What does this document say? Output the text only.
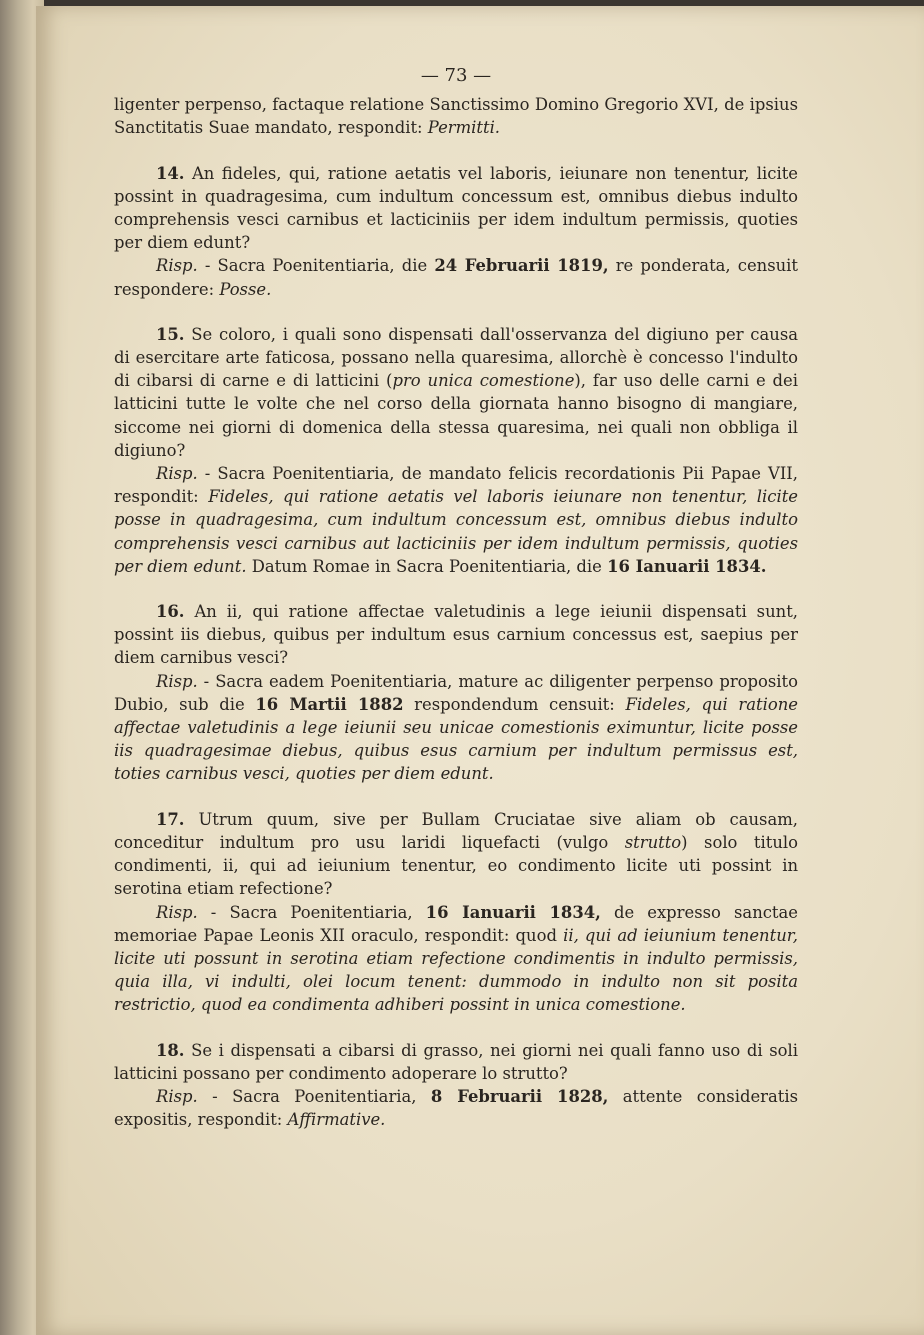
— 73 —

ligenter perpenso, factaque relatione Sanctissimo Domino Gregorio XVI, de ipsius Sanctitatis Suae mandato, respondit: Permitti.

14. An fideles, qui, ratione aetatis vel laboris, ieiunare non tenentur, licite possint in quadragesima, cum indultum concessum est, omnibus diebus indulto comprehensis vesci carnibus et lacticiniis per idem indultum permissis, quoties per diem edunt?

Risp. - Sacra Poenitentiaria, die 24 Februarii 1819, re ponderata, censuit respondere: Posse.

15. Se coloro, i quali sono dispensati dall'osservanza del digiuno per causa di esercitare arte faticosa, possano nella quaresima, allorchè è concesso l'indulto di cibarsi di carne e di latticini (pro unica comestione), far uso delle carni e dei latticini tutte le volte che nel corso della giornata hanno bisogno di mangiare, siccome nei giorni di domenica della stessa quaresima, nei quali non obbliga il digiuno?

Risp. - Sacra Poenitentiaria, de mandato felicis recordationis Pii Papae VII, respondit: Fideles, qui ratione aetatis vel laboris ieiunare non tenentur, licite posse in quadragesima, cum indultum concessum est, omnibus diebus indulto comprehensis vesci carnibus aut lacticiniis per idem indultum permissis, quoties per diem edunt. Datum Romae in Sacra Poenitentiaria, die 16 Ianuarii 1834.

16. An ii, qui ratione affectae valetudinis a lege ieiunii dispensati sunt, possint iis diebus, quibus per indultum esus carnium concessus est, saepius per diem carnibus vesci?

Risp. - Sacra eadem Poenitentiaria, mature ac diligenter perpenso proposito Dubio, sub die 16 Martii 1882 respondendum censuit: Fideles, qui ratione affectae valetudinis a lege ieiunii seu unicae comestionis eximuntur, licite posse iis quadragesimae diebus, quibus esus carnium per indultum permissus est, toties carnibus vesci, quoties per diem edunt.

17. Utrum quum, sive per Bullam Cruciatae sive aliam ob causam, conceditur indultum pro usu laridi liquefacti (vulgo strutto) solo titulo condimenti, ii, qui ad ieiunium tenentur, eo condimento licite uti possint in serotina etiam refectione?

Risp. - Sacra Poenitentiaria, 16 Ianuarii 1834, de expresso sanctae memoriae Papae Leonis XII oraculo, respondit: quod ii, qui ad ieiunium tenentur, licite uti possunt in serotina etiam refectione condimentis in indulto permissis, quia illa, vi indulti, olei locum tenent: dummodo in indulto non sit posita restrictio, quod ea condimenta adhiberi possint in unica comestione.

18. Se i dispensati a cibarsi di grasso, nei giorni nei quali fanno uso di soli latticini possano per condimento adoperare lo strutto?

Risp. - Sacra Poenitentiaria, 8 Februarii 1828, attente consideratis expositis, respondit: Affirmative.
